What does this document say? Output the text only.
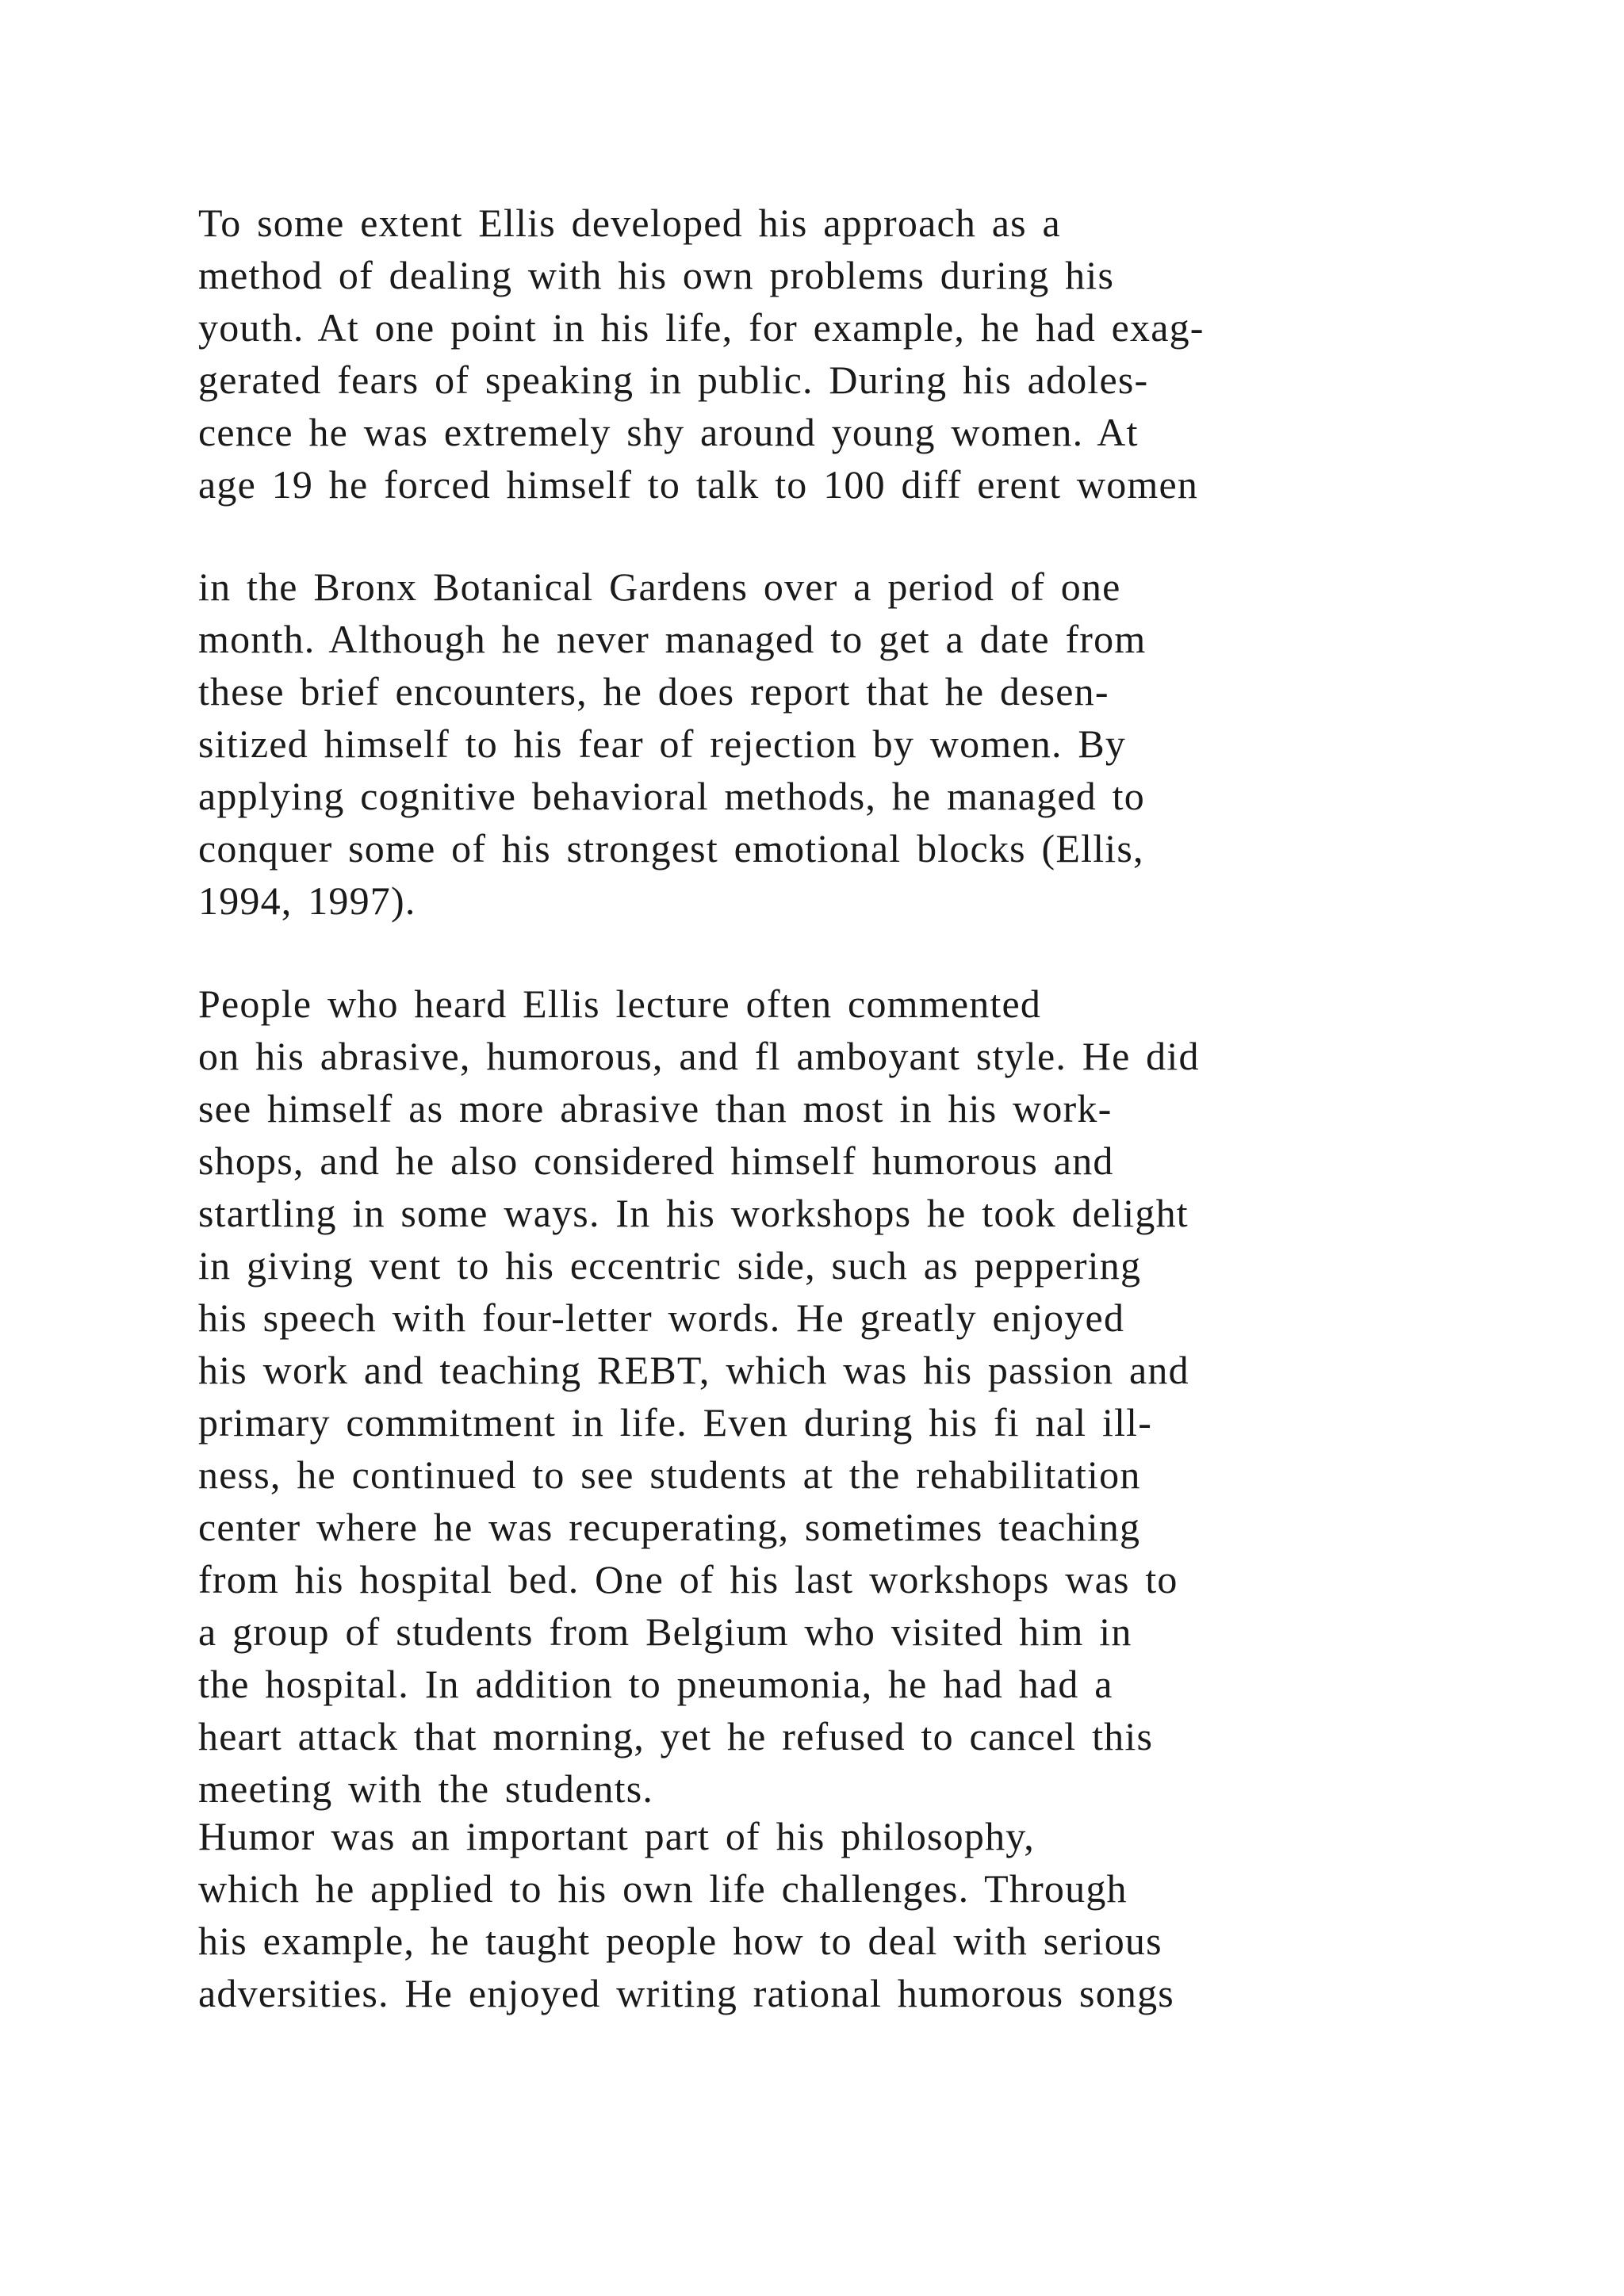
To some extent Ellis developed his approach as a
method of dealing with his own problems during his
youth. At one point in his life, for example, he had exag-
gerated fears of speaking in public. During his adoles-
cence he was extremely shy around young women. At
age 19 he forced himself to talk to 100 diff erent women

in the Bronx Botanical Gardens over a period of one
month. Although he never managed to get a date from
these brief encounters, he does report that he desen-
sitized himself to his fear of rejection by women. By
applying cognitive behavioral methods, he managed to
conquer some of his strongest emotional blocks (Ellis,
1994, 1997).

People who heard Ellis lecture often commented
on his abrasive, humorous, and fl amboyant style. He did
see himself as more abrasive than most in his work-
shops, and he also considered himself humorous and
startling in some ways. In his workshops he took delight
in giving vent to his eccentric side, such as peppering
his speech with four-letter words. He greatly enjoyed
his work and teaching REBT, which was his passion and
primary commitment in life. Even during his fi nal ill-
ness, he continued to see students at the rehabilitation
center where he was recuperating, sometimes teaching
from his hospital bed. One of his last workshops was to
a group of students from Belgium who visited him in
the hospital. In addition to pneumonia, he had had a
heart attack that morning, yet he refused to cancel this
meeting with the students.

Humor was an important part of his philosophy,
which he applied to his own life challenges. Through
his example, he taught people how to deal with serious
adversities. He enjoyed writing rational humorous songs
